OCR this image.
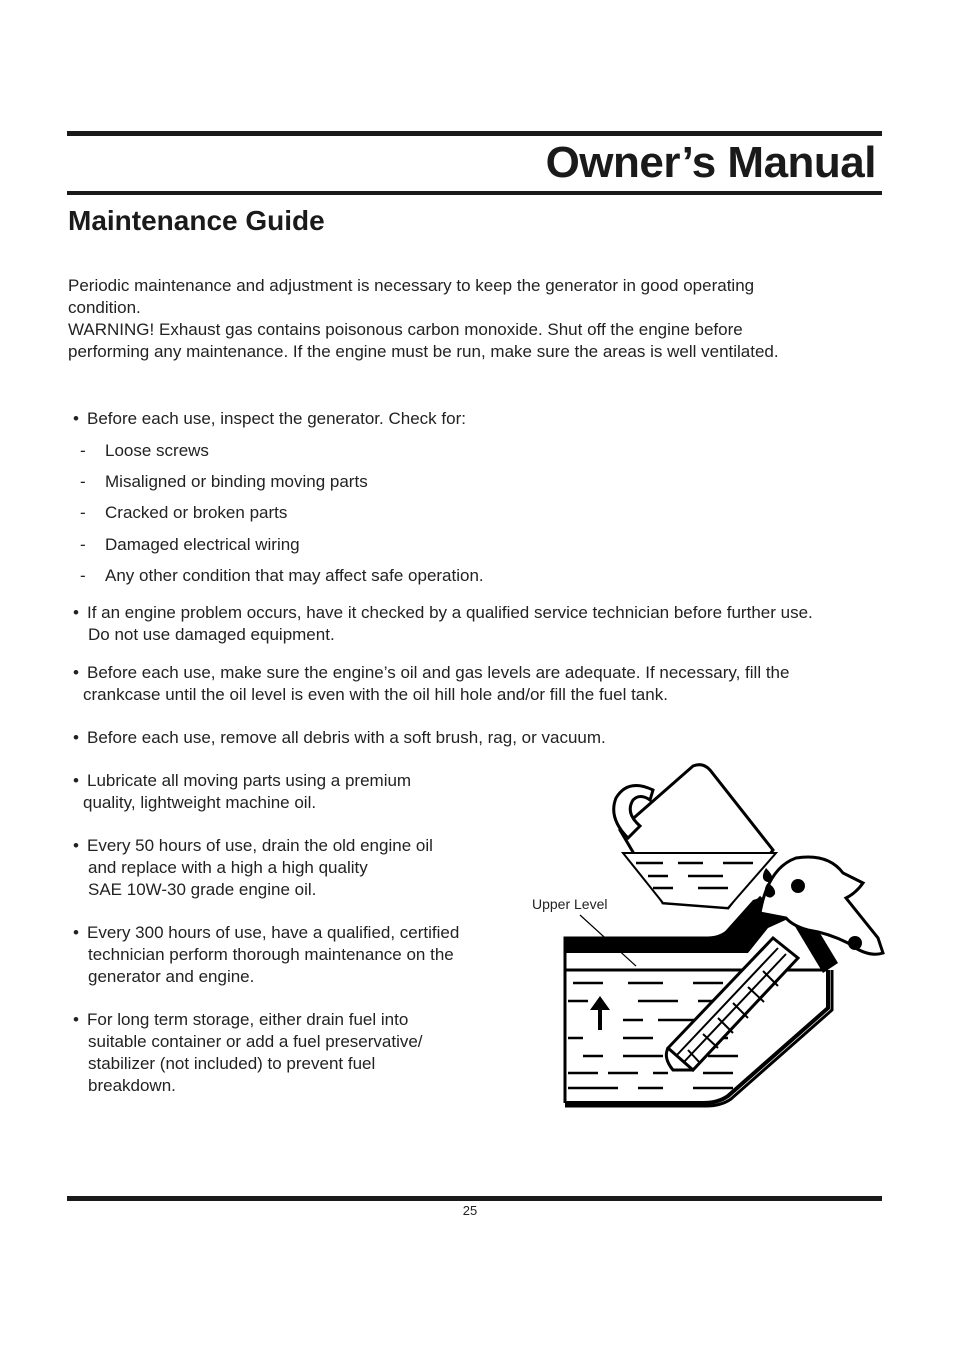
Owner’s Manual
Maintenance Guide

Periodic maintenance and adjustment is necessary to keep the generator in good operating

condition.

WARNING! Exhaust gas contains poisonous carbon monoxide. Shut off the engine before

performing any maintenance. If the engine must be run, make sure the areas is well ventilated.

• Before each use, inspect the generator. Check for:
- Loose screws
- Misaligned or binding moving parts
- Cracked or broken parts
- Damaged electrical wiring
- Any other condition that may affect safe operation.
• If an engine problem occurs, have it checked by a qualified service technician before further use.
Do not use damaged equipment.
• Before each use, make sure the engine’s oil and gas levels are adequate. If necessary, fill the
crankcase until the oil level is even with the oil hill hole and/or fill the fuel tank.
• Before each use, remove all debris with a soft brush, rag, or vacuum.
• Lubricate all moving parts using a premium
quality, lightweight machine oil.
• Every 50 hours of use, drain the old engine oil
and replace with a high a high quality
SAE 10W-30 grade engine oil.
• Every 300 hours of use, have a qualified, certified
technician perform thorough maintenance on the
generator and engine.
• For long term storage, either drain fuel into
suitable container or add a fuel preservative/
stabilizer (not included) to prevent fuel
breakdown.
Upper Level
25
